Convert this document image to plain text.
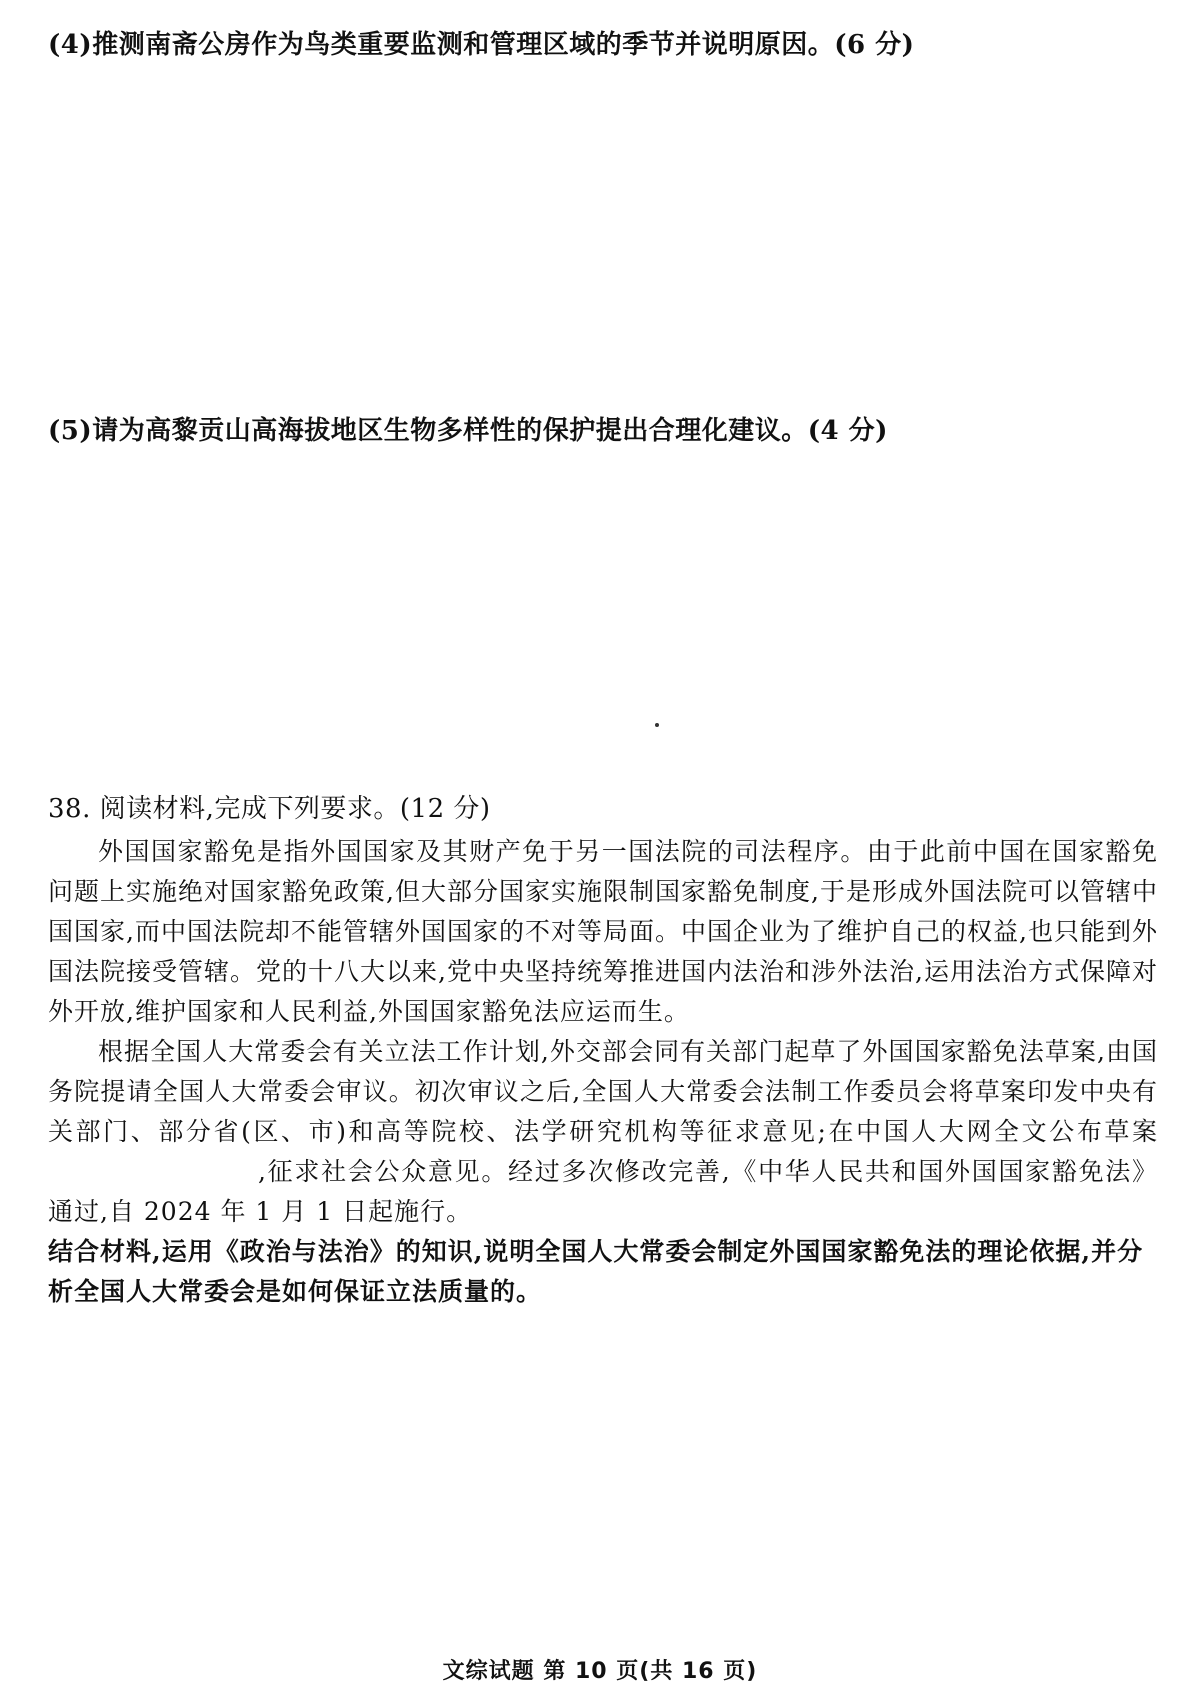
(4)推测南斋公房作为鸟类重要监测和管理区域的季节并说明原因。(6 分)
(5)请为高黎贡山高海拔地区生物多样性的保护提出合理化建议。(4 分)
38. 阅读材料,完成下列要求。(12 分)

外国国家豁免是指外国国家及其财产免于另一国法院的司法程序。由于此前中国在国家豁免问题上实施绝对国家豁免政策,但大部分国家实施限制国家豁免制度,于是形成外国法院可以管辖中国国家,而中国法院却不能管辖外国国家的不对等局面。中国企业为了维护自己的权益,也只能到外国法院接受管辖。党的十八大以来,党中央坚持统筹推进国内法治和涉外法治,运用法治方式保障对外开放,维护国家和人民利益,外国国家豁免法应运而生。

根据全国人大常委会有关立法工作计划,外交部会同有关部门起草了外国国家豁免法草案,由国务院提请全国人大常委会审议。初次审议之后,全国人大常委会法制工作委员会将草案印发中央有关部门、部分省(区、市)和高等院校、法学研究机构等征求意见;在中国人大网全文公布草案,征求社会公众意见。经过多次修改完善,《中华人民共和国外国国家豁免法》通过,自 2024 年 1 月 1 日起施行。

结合材料,运用《政治与法治》的知识,说明全国人大常委会制定外国国家豁免法的理论依据,并分析全国人大常委会是如何保证立法质量的。

文综试题 第 10 页(共 16 页)
